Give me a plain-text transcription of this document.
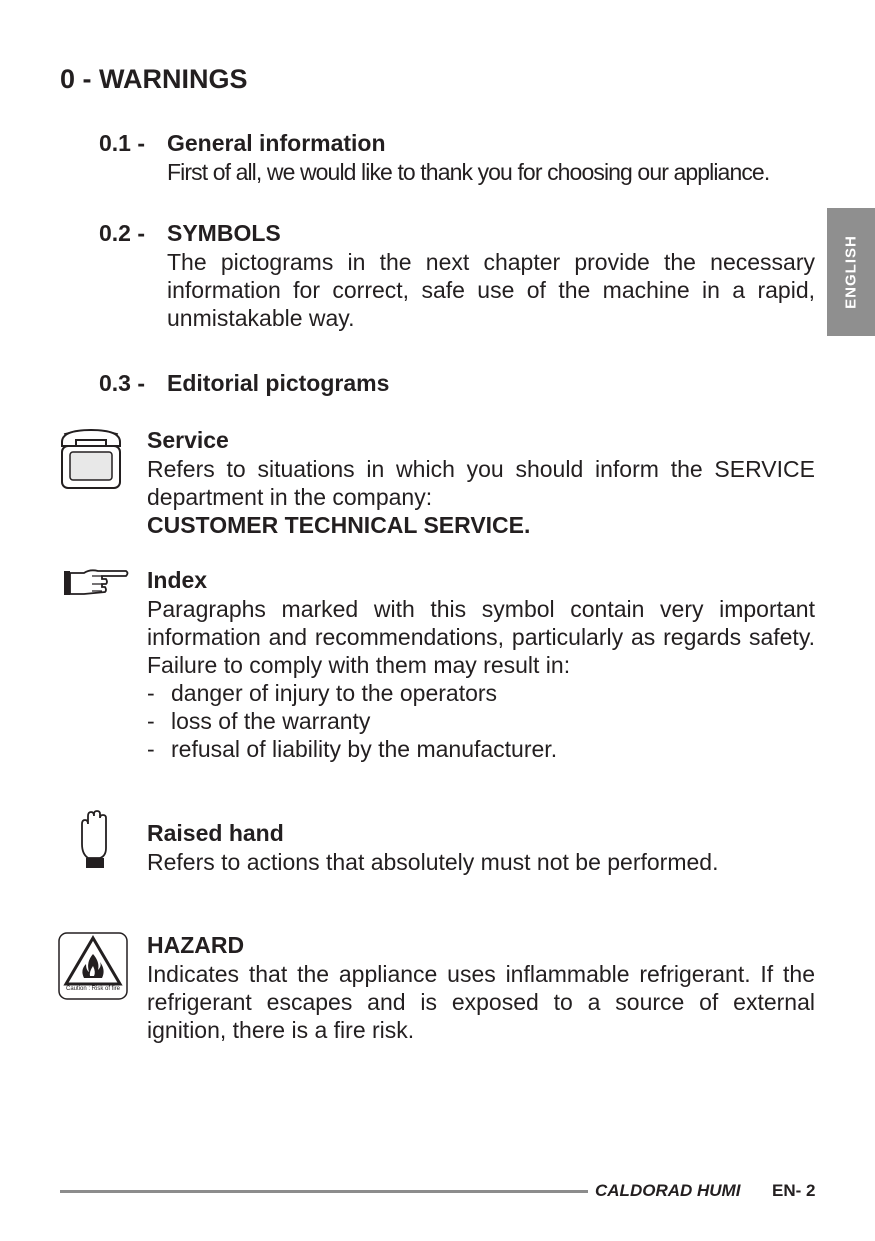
0 - WARNINGS
ENGLISH
0.1 - General information
First of all, we would like to thank you for choosing our appliance.
0.2 - SYMBOLS
The pictograms in the next chapter provide the necessary information for correct, safe use of the machine in a rapid, unmistakable way.
0.3 - Editorial pictograms
Service
Refers to situations in which you should inform the SERVICE department in the company:
CUSTOMER TECHNICAL SERVICE.
Index
Paragraphs marked with this symbol contain very important information and recommendations, particularly as regards safety. Failure to comply with them may result in:
- danger of injury to the operators
- loss of the warranty
- refusal of liability by the manufacturer.
Raised hand
Refers to actions that absolutely must not be performed.
Caution : Risk of fire
HAZARD
Indicates that the appliance uses inflammable refrigerant. If the refrigerant escapes and is exposed to a source of external ignition, there is a fire risk.
CALDORAD HUMI EN- 2
